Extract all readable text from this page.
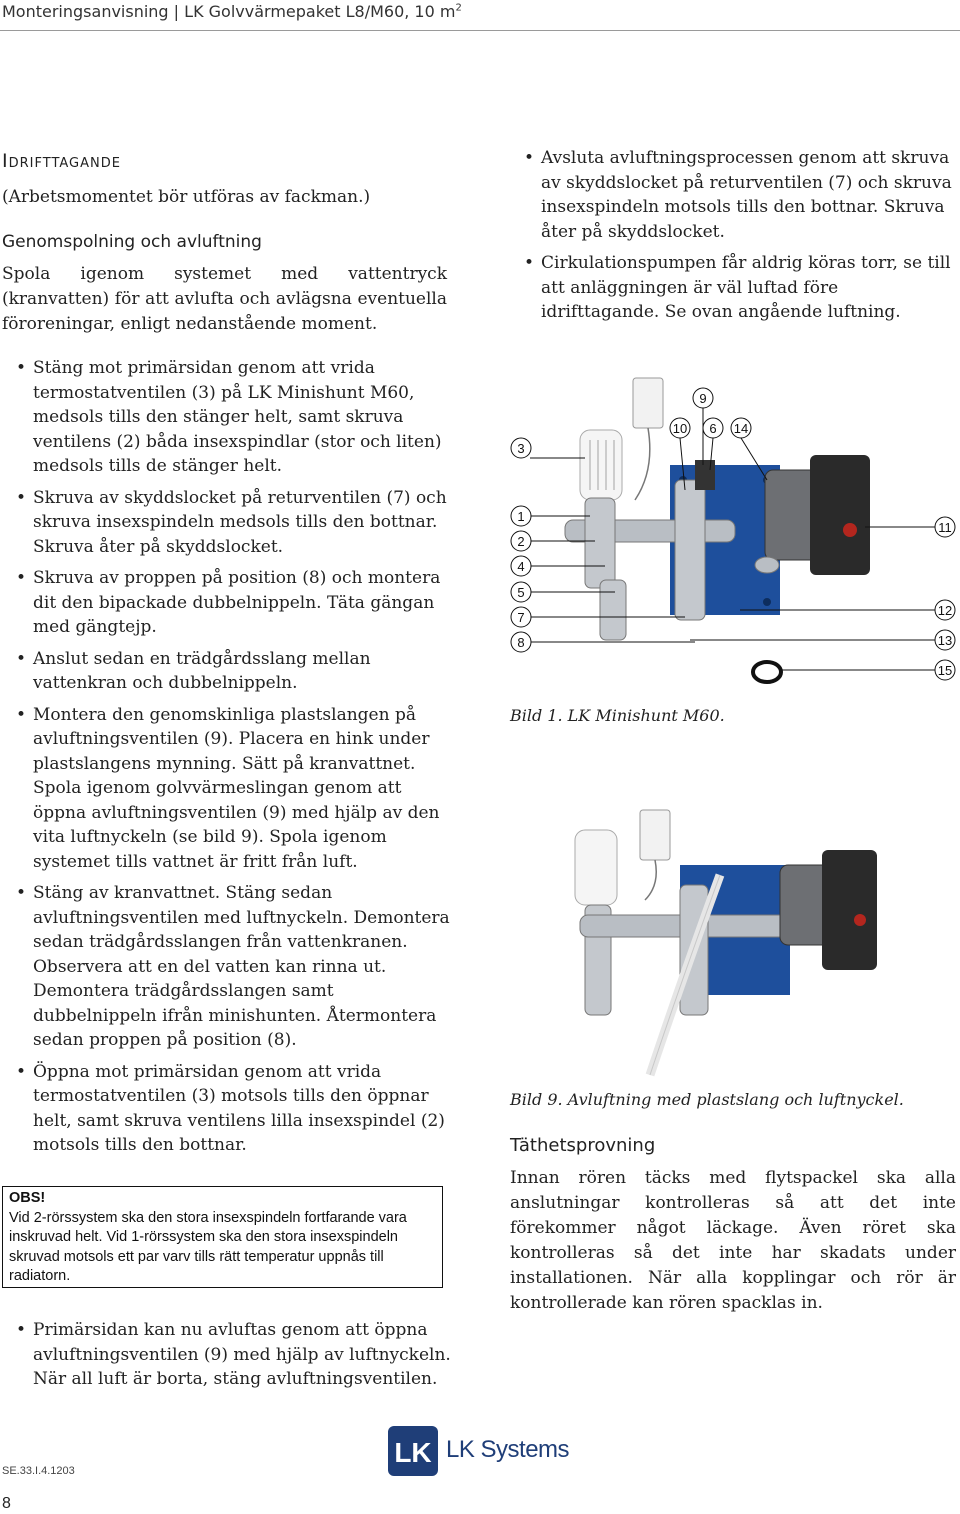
Monteringsanvisning | LK Golvvärmepaket L8/M60, 10 $m^2$
Idrifttagande
(Arbetsmomentet bör utföras av fackman.)
Genomspolning och avluftning
Spola igenom systemet med vattentryck (kranvatten) för att avlufta och avlägsna eventuella föroreningar, enligt nedanstående moment.
• Stäng mot primärsidan genom att vrida termostatventilen (3) på LK Minishunt M60, medsols tills den stänger helt, samt skruva ventilens (2) båda insexspindlar (stor och liten) medsols tills de stänger helt.
• Skruva av skyddslocket på returventilen (7) och skruva insexspindeln medsols tills den bottnar. Skruva åter på skyddslocket.
• Skruva av proppen på position (8) och montera dit den bipackade dubbelnippeln. Täta gängan med gängtejp.
• Anslut sedan en trädgårdsslang mellan vattenkran och dubbelnippeln.
• Montera den genomskinliga plastslangen på avluftningsventilen (9). Placera en hink under plastslangens mynning. Sätt på kranvattnet. Spola igenom golvvärmeslingan genom att öppna avluftningsventilen (9) med hjälp av den vita luftnyckeln (se bild 9). Spola igenom systemet tills vattnet är fritt från luft.
• Stäng av kranvattnet. Stäng sedan avluftningsventilen med luftnyckeln. Demontera sedan trädgårdsslangen från vattenkranen. Observera att en del vatten kan rinna ut. Demontera trädgårdsslangen samt dubbelnippeln ifrån minishunten. Återmontera sedan proppen på position (8).
• Öppna mot primärsidan genom att vrida termostatventilen (3) motsols tills den öppnar helt, samt skruva ventilens lilla insexspindel (2) motsols tills den bottnar.
OBS!
Vid 2-rörssystem ska den stora insexspindeln fortfarande vara inskruvad helt. Vid 1-rörssystem ska den stora insexspindeln skruvad motsols ett par varv tills rätt temperatur uppnås till radiatorn.
• Primärsidan kan nu avluftas genom att öppna avluftningsventilen (9) med hjälp av luftnyckeln. När all luft är borta, stäng avluftningsventilen.
• Avsluta avluftningsprocessen genom att skruva av skyddslocket på returventilen (7) och skruva insexspindeln motsols tills den bottnar. Skruva åter på skyddslocket.
• Cirkulationspumpen får aldrig köras torr, se till att anläggningen är väl luftad före idrifttagande. Se ovan angående luftning.
3
9
10 6 14
1
2
4
5
7
8
11
12
13
15
Bild 1. LK Minishunt M60.
Bild 9. Avluftning med plastslang och luftnyckel.
Täthetsprovning
Innan rören täcks med flytspackel ska alla anslutningar kontrolleras så att det inte förekommer något läckage. Även röret ska kontrolleras så det inte har skadats under installationen. När alla kopplingar och rör är kontrollerade kan rören spacklas in.
SE.33.I.4.1203
8
LK LK Systems
